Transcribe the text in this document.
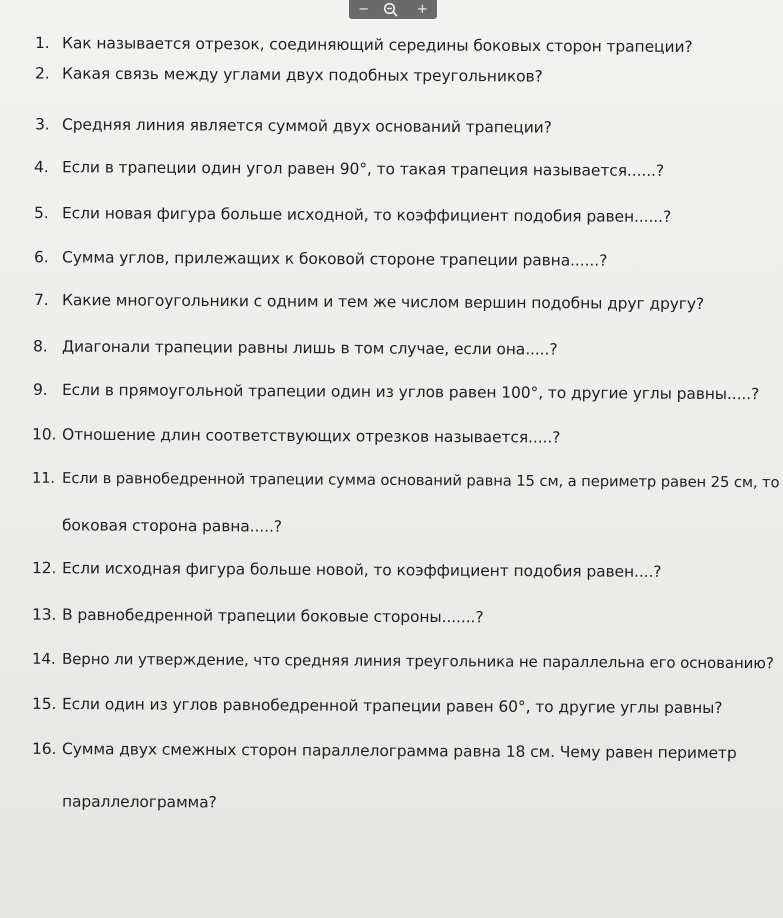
−	+
1. Как называется отрезок, соединяющий середины боковых сторон трапеции?
2. Какая связь между углами двух подобных треугольников?
3. Средняя линия является суммой двух оснований трапеции?
4. Если в трапеции один угол равен 90°, то такая трапеция называется......?
5. Если новая фигура больше исходной, то коэффициент подобия равен......?
6. Сумма углов, прилежащих к боковой стороне трапеции равна......?
7. Какие многоугольники с одним и тем же числом вершин подобны друг другу?
8. Диагонали трапеции равны лишь в том случае, если она.....?
9. Если в прямоугольной трапеции один из углов равен 100°, то другие углы равны.....?
10. Отношение длин соответствующих отрезков называется.....?
11. Если в равнобедренной трапеции сумма оснований равна 15 см, а периметр равен 25 см, то
боковая сторона равна.....?
12. Если исходная фигура больше новой, то коэффициент подобия равен....?
13. В равнобедренной трапеции боковые стороны.......?
14. Верно ли утверждение, что средняя линия треугольника не параллельна его основанию?
15. Если один из углов равнобедренной трапеции равен 60°, то другие углы равны?
16. Сумма двух смежных сторон параллелограмма равна 18 см. Чему равен периметр
параллелограмма?
